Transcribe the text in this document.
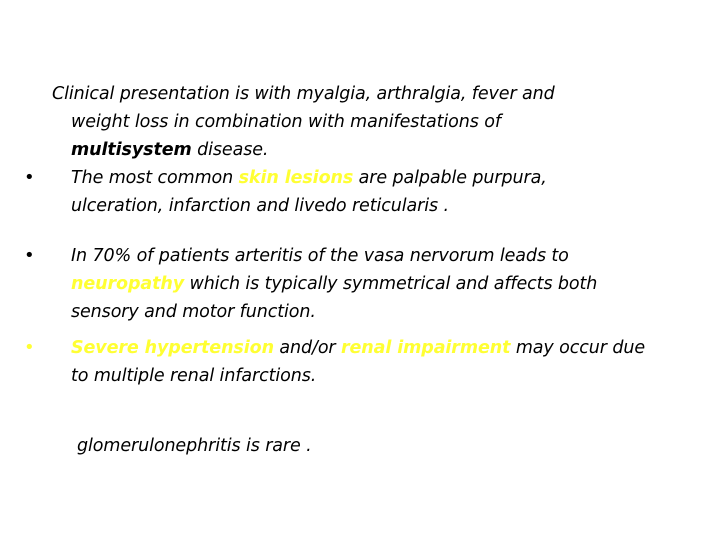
Clinical presentation is with myalgia, arthralgia, fever and
weight loss in combination with manifestations of
multisystem disease.
• The most common skin lesions are palpable purpura,
ulceration, infarction and livedo reticularis .
• In 70% of patients arteritis of the vasa nervorum leads to
neuropathy which is typically symmetrical and affects both
sensory and motor function.
• Severe hypertension and/or renal impairment may occur due
to multiple renal infarctions.
glomerulonephritis is rare .
